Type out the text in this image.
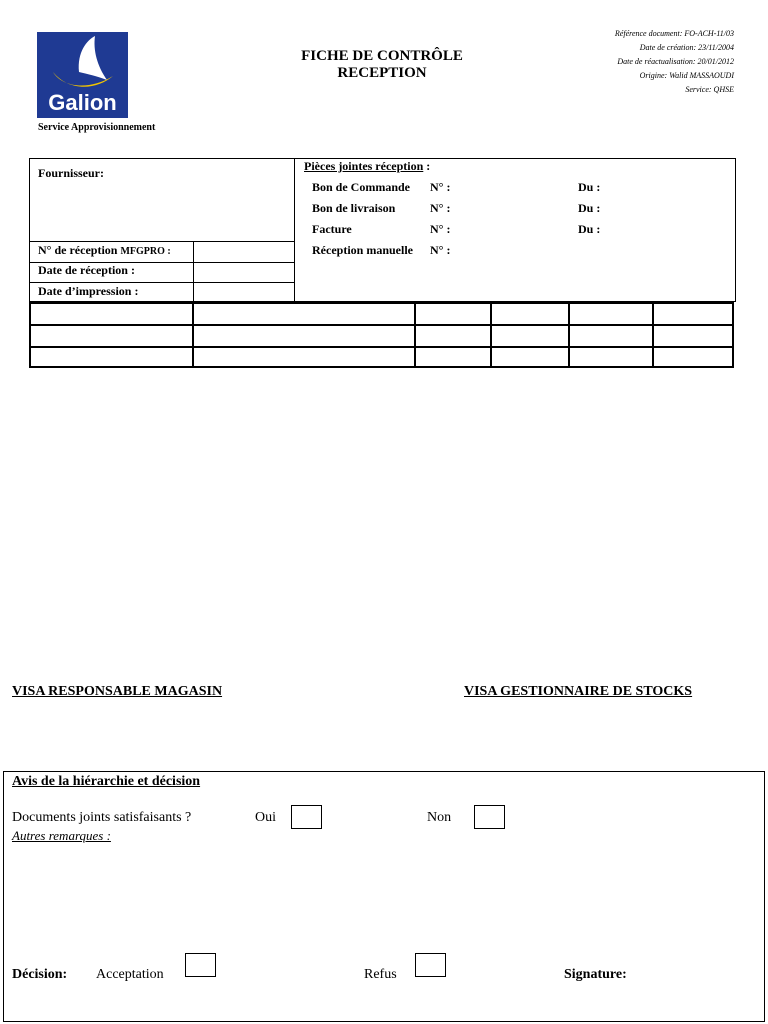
Galion
Service Approvisionnement
FICHE DE CONTRÔLE
RECEPTION
Référence document: FO-ACH-11/03
Date de création: 23/11/2004
Date de réactualisation: 20/01/2012
Origine: Walid MASSAOUDI
Service: QHSE
Fournisseur:
N° de réception MFGPRO :
Date de réception :
Date d’impression :
Pièces jointes réception :
Bon de Commande N° :	Du :
Bon de livraison	N° :	Du :
Facture	N° :	Du :
Réception manuelle N° :
VISA RESPONSABLE MAGASIN	VISA GESTIONNAIRE DE STOCKS
Avis de la hiérarchie et décision
Documents joints satisfaisants ?	Oui	Non
Autres remarques :
Décision: Acceptation	Refus	Signature:
